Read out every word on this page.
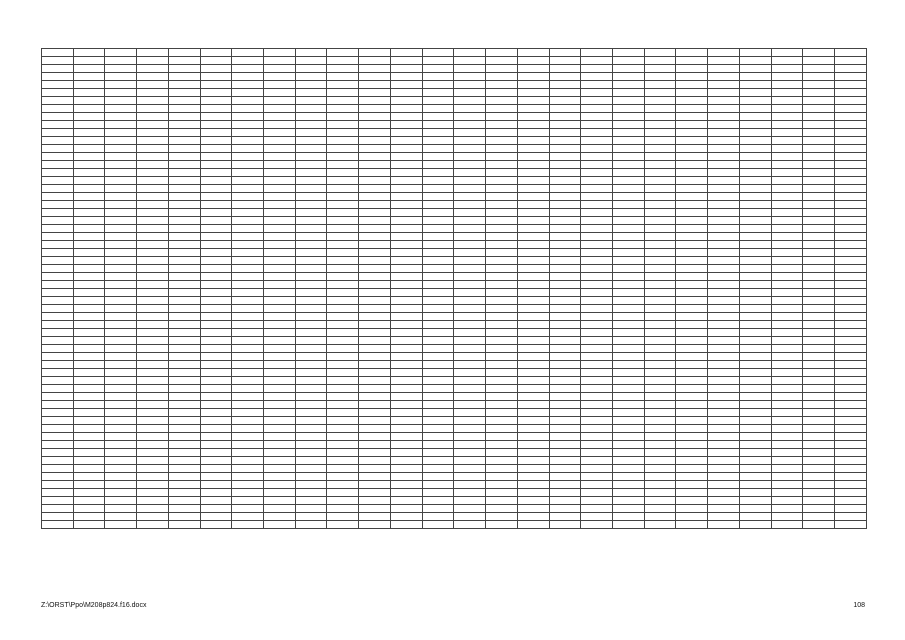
Z:\ORST\Ppo\M208p824.f16.docx	108
